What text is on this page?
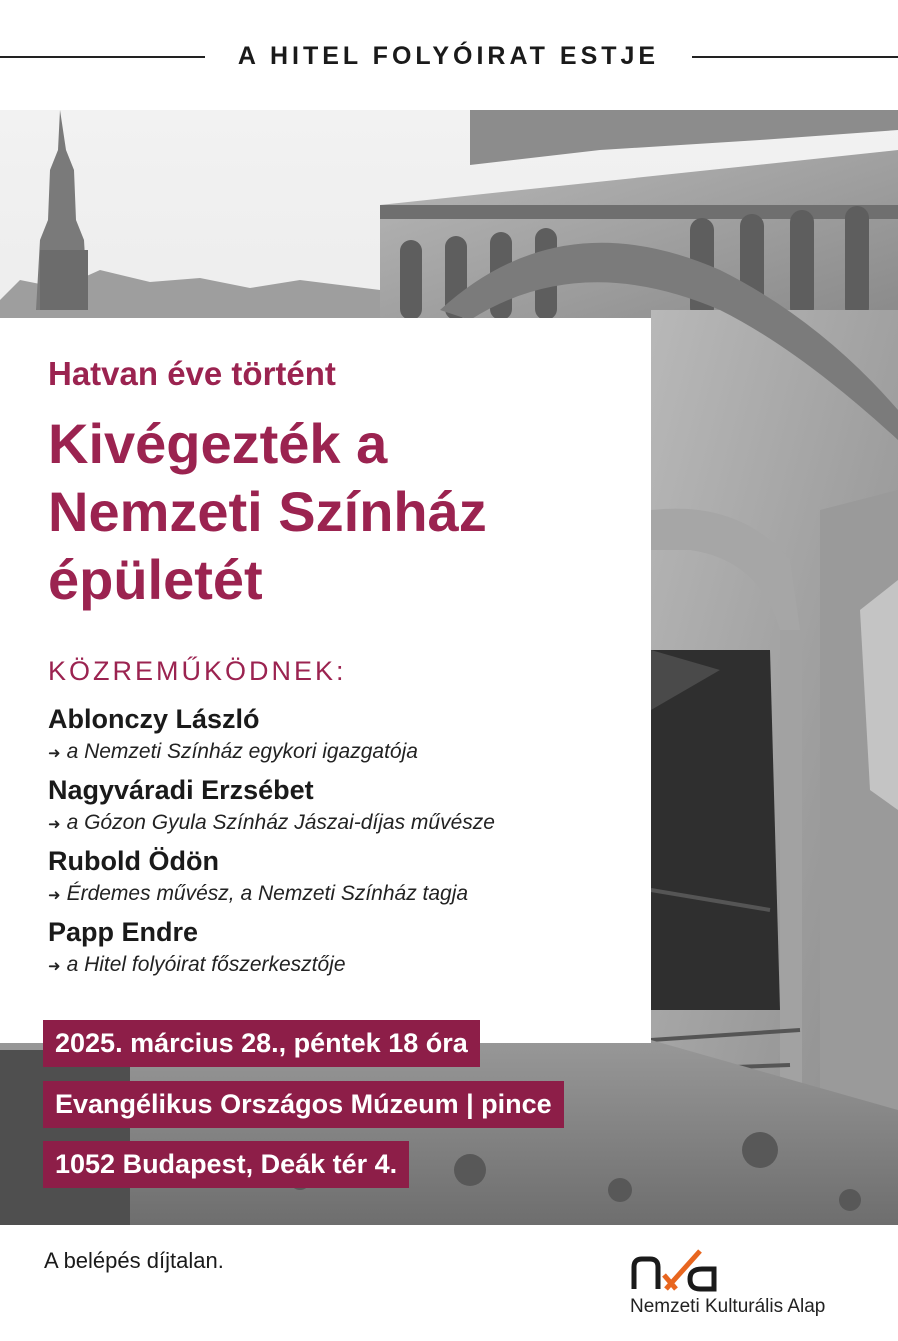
A HITEL FOLYÓIRAT ESTJE
Hatvan éve történt
Kivégezték a
Nemzeti Színház
épületét
KÖZREMŰKÖDNEK:
Ablonczy László
➜ a Nemzeti Színház egykori igazgatója
Nagyváradi Erzsébet
➜ a Gózon Gyula Színház Jászai-díjas művésze
Rubold Ödön
➜ Érdemes művész, a Nemzeti Színház tagja
Papp Endre
➜ a Hitel folyóirat főszerkesztője
2025. március 28., péntek 18 óra
Evangélikus Országos Múzeum | pince
1052 Budapest, Deák tér 4.
A belépés díjtalan.
Nemzeti Kulturális Alap
